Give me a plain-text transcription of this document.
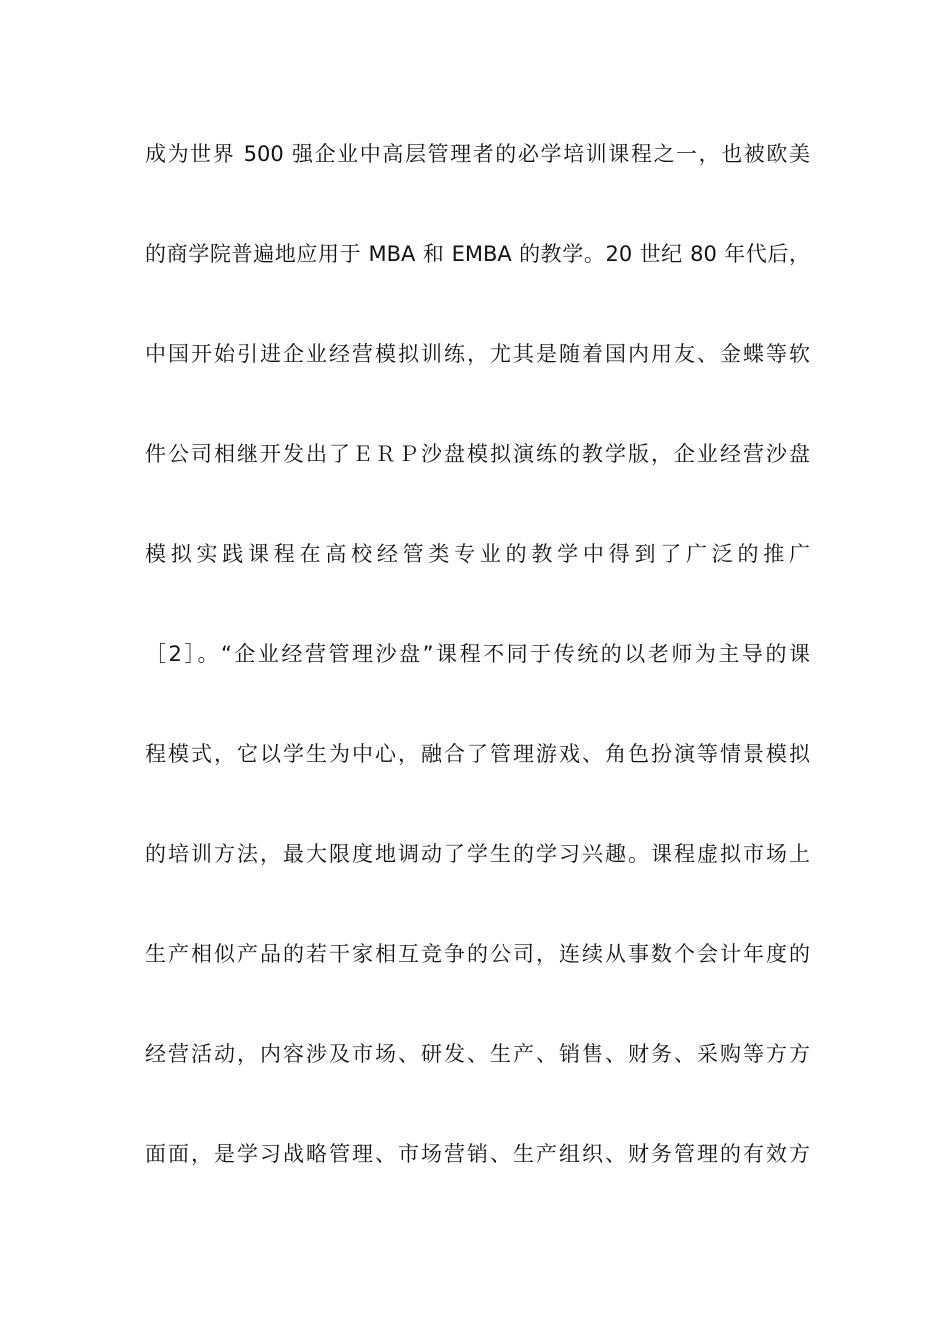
成为世界 500 强企业中高层管理者的必学培训课程之一，也被欧美
的商学院普遍地应用于 MBA 和 EMBA 的教学。20 世纪 80 年代后，
中国开始引进企业经营模拟训练，尤其是随着国内用友、金蝶等软
件公司相继开发出了ＥＲＰ沙盘模拟演练的教学版，企业经营沙盘
模拟实践课程在高校经管类专业的教学中得到了广泛的推广
［2］。“企业经营管理沙盘”课程不同于传统的以老师为主导的课
程模式，它以学生为中心，融合了管理游戏、角色扮演等情景模拟
的培训方法，最大限度地调动了学生的学习兴趣。课程虚拟市场上
生产相似产品的若干家相互竞争的公司，连续从事数个会计年度的
经营活动，内容涉及市场、研发、生产、销售、财务、采购等方方
面面，是学习战略管理、市场营销、生产组织、财务管理的有效方
